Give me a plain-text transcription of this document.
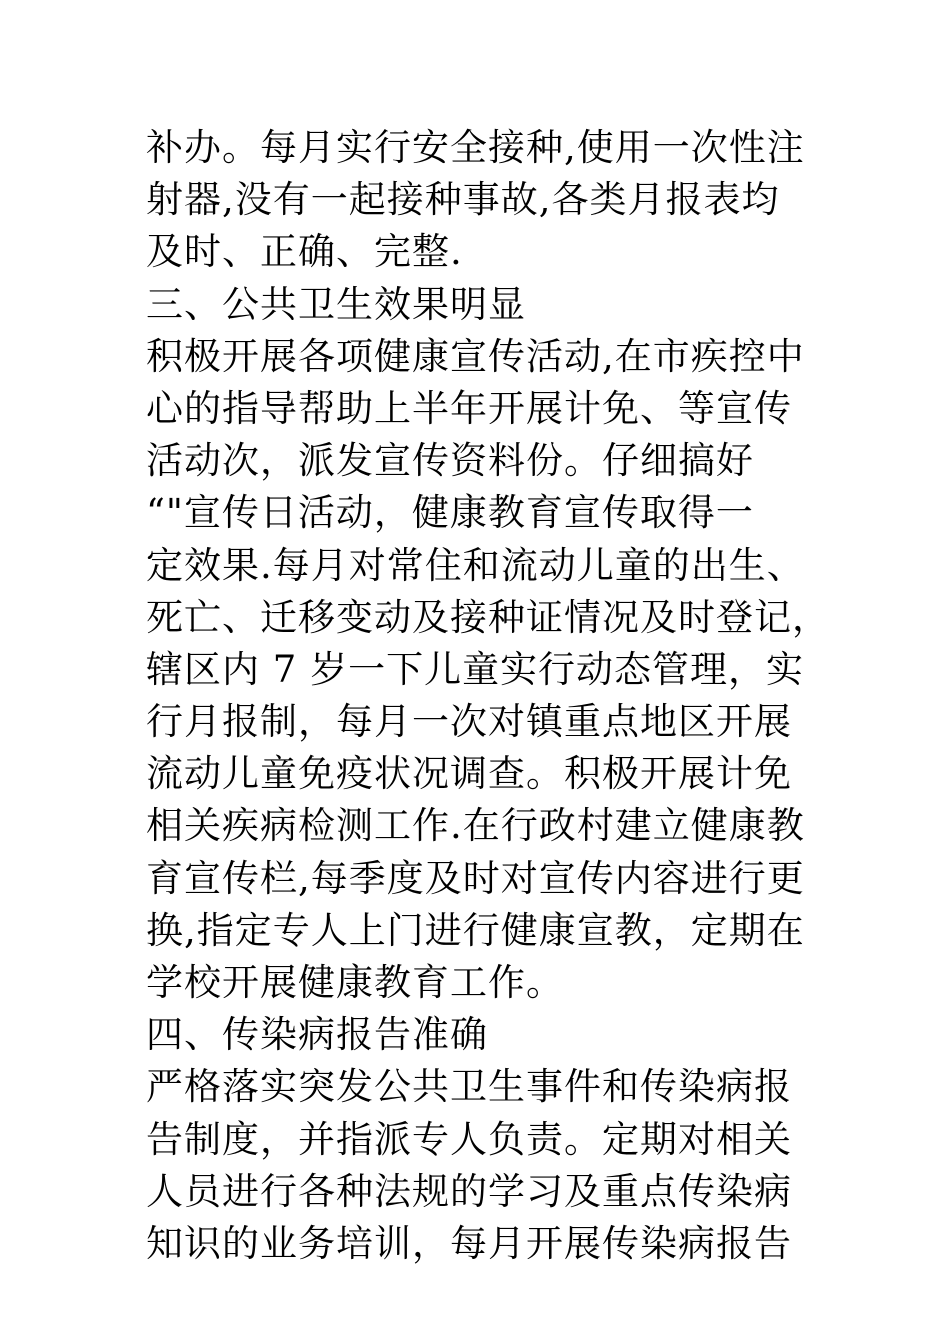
补办。每月实行安全接种,使用一次性注
射器,没有一起接种事故,各类月报表均
及时、正确、完整.
三、公共卫生效果明显
积极开展各项健康宣传活动,在市疾控中
心的指导帮助上半年开展计免、等宣传
活动次，派发宣传资料份。仔细搞好
“"宣传日活动，健康教育宣传取得一
定效果.每月对常住和流动儿童的出生、
死亡、迁移变动及接种证情况及时登记，
辖区内 7 岁一下儿童实行动态管理，实
行月报制，每月一次对镇重点地区开展
流动儿童免疫状况调查。积极开展计免
相关疾病检测工作.在行政村建立健康教
育宣传栏,每季度及时对宣传内容进行更
换,指定专人上门进行健康宣教，定期在
学校开展健康教育工作。
四、传染病报告准确
严格落实突发公共卫生事件和传染病报
告制度，并指派专人负责。定期对相关
人员进行各种法规的学习及重点传染病
知识的业务培训，每月开展传染病报告
